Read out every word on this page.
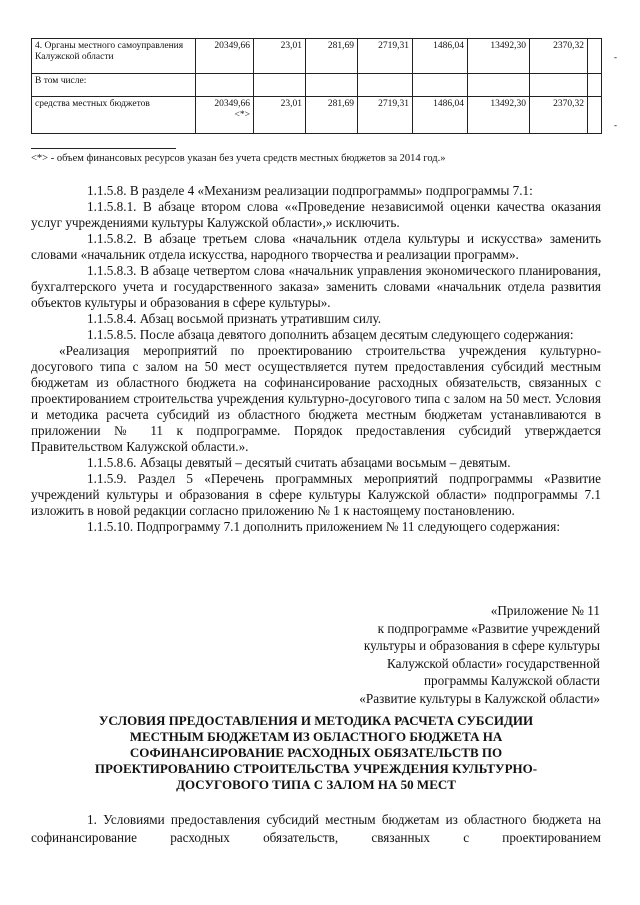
4. Органы местного самоуправления Калужской области	20349,66	23,01	281,69	2719,31	1486,04	13492,30	2370,32	
В том числе:								
средства местных бюджетов	20349,66 <*>	23,01	281,69	2719,31	1486,04	13492,30	2370,32	
-
-
<*> - объем финансовых ресурсов указан без учета средств местных бюджетов за 2014 год.»

1.1.5.8. В разделе 4 «Механизм реализации подпрограммы» подпрограммы 7.1:

1.1.5.8.1. В абзаце втором слова ««Проведение независимой оценки качества оказания услуг учреждениями культуры Калужской области»,» исключить.

1.1.5.8.2. В абзаце третьем слова «начальник отдела культуры и искусства» заменить словами «начальник отдела искусства, народного творчества и реализации программ».

1.1.5.8.3. В абзаце четвертом слова «начальник управления экономического планирования, бухгалтерского учета и государственного заказа» заменить словами «начальник отдела развития объектов культуры и образования в сфере культуры».

1.1.5.8.4. Абзац восьмой признать утратившим силу.

1.1.5.8.5. После абзаца девятого дополнить абзацем десятым следующего содержания:

«Реализация мероприятий по проектированию строительства учреждения культурно-досугового типа с залом на 50 мест осуществляется путем предоставления субсидий местным бюджетам из областного бюджета на софинансирование расходных обязательств, связанных с проектированием строительства учреждения культурно-досугового типа с залом на 50 мест. Условия и методика расчета субсидий из областного бюджета местным бюджетам устанавливаются в приложении № 11 к подпрограмме. Порядок предоставления субсидий утверждается Правительством Калужской области.».

1.1.5.8.6. Абзацы девятый – десятый считать абзацами восьмым – девятым.

1.1.5.9. Раздел 5 «Перечень программных мероприятий подпрограммы «Развитие учреждений культуры и образования в сфере культуры Калужской области» подпрограммы 7.1 изложить в новой редакции согласно приложению № 1 к настоящему постановлению.

1.1.5.10. Подпрограмму 7.1 дополнить приложением № 11 следующего содержания:

«Приложение № 11
к подпрограмме «Развитие учреждений
культуры и образования в сфере культуры
Калужской области» государственной
программы Калужской области
«Развитие культуры в Калужской области»
УСЛОВИЯ ПРЕДОСТАВЛЕНИЯ И МЕТОДИКА РАСЧЕТА СУБСИДИИ
МЕСТНЫМ БЮДЖЕТАМ ИЗ ОБЛАСТНОГО БЮДЖЕТА НА
СОФИНАНСИРОВАНИЕ РАСХОДНЫХ ОБЯЗАТЕЛЬСТВ ПО
ПРОЕКТИРОВАНИЮ СТРОИТЕЛЬСТВА УЧРЕЖДЕНИЯ КУЛЬТУРНО-
ДОСУГОВОГО ТИПА С ЗАЛОМ НА 50 МЕСТ

1. Условиями предоставления субсидий местным бюджетам из областного бюджета на софинансирование расходных обязательств, связанных с проектированием
